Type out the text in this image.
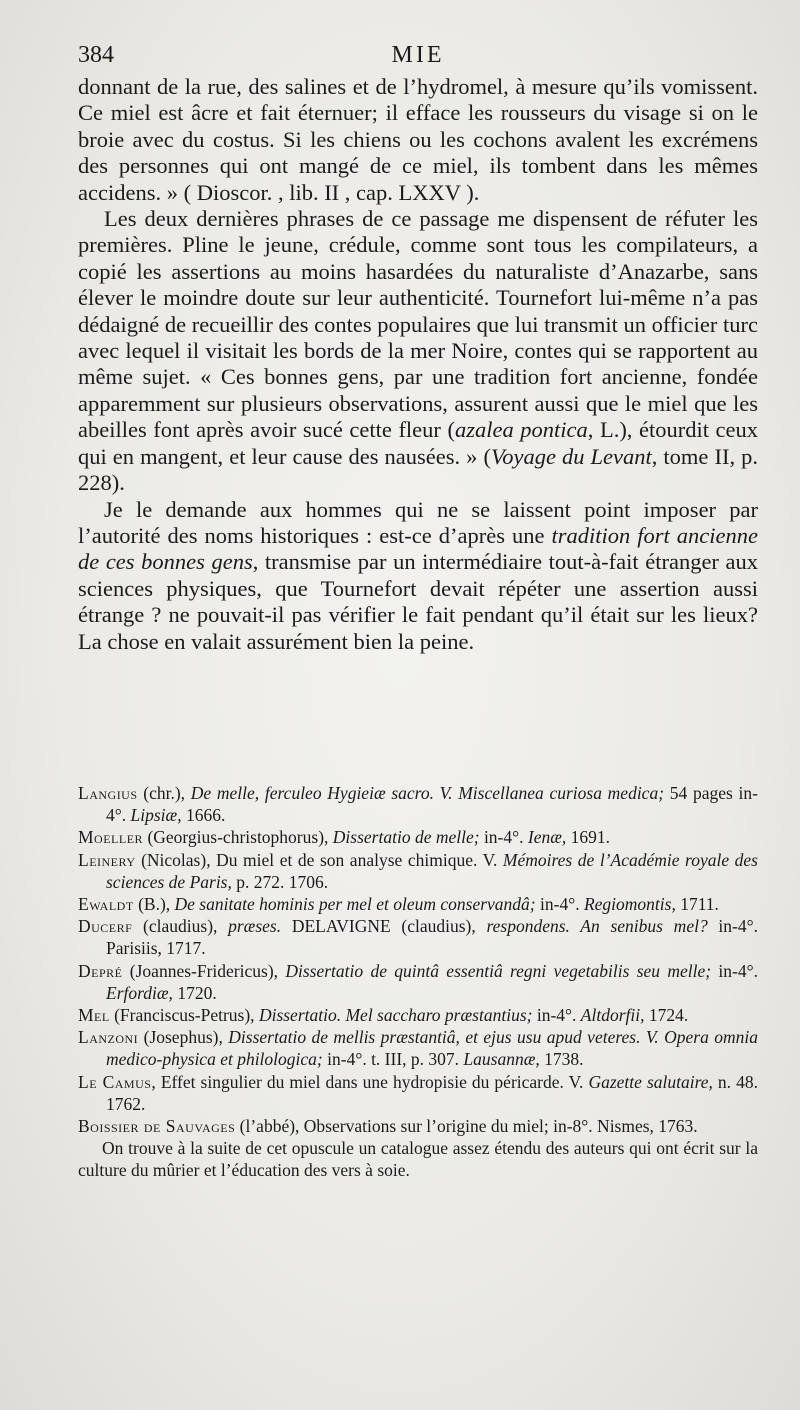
384	MIE

donnant de la rue, des salines et de l’hydromel, à mesure qu’ils vomissent. Ce miel est âcre et fait éternuer; il efface les rousseurs du visage si on le broie avec du costus. Si les chiens ou les cochons avalent les excrémens des personnes qui ont mangé de ce miel, ils tombent dans les mêmes accidens. » ( Dioscor. , lib. II , cap. LXXV ).

Les deux dernières phrases de ce passage me dispensent de réfuter les premières. Pline le jeune, crédule, comme sont tous les compilateurs, a copié les assertions au moins hasardées du naturaliste d’Anazarbe, sans élever le moindre doute sur leur authenticité. Tournefort lui-même n’a pas dédaigné de recueillir des contes populaires que lui transmit un officier turc avec lequel il visitait les bords de la mer Noire, contes qui se rapportent au même sujet. « Ces bonnes gens, par une tradition fort ancienne, fondée apparemment sur plusieurs observations, assurent aussi que le miel que les abeilles font après avoir sucé cette fleur (azalea pontica, L.), étourdit ceux qui en mangent, et leur cause des nausées. » (Voyage du Levant, tome II, p. 228).

Je le demande aux hommes qui ne se laissent point imposer par l’autorité des noms historiques : est-ce d’après une tradition fort ancienne de ces bonnes gens, transmise par un intermédiaire tout-à-fait étranger aux sciences physiques, que Tournefort devait répéter une assertion aussi étrange ? ne pouvait-il pas vérifier le fait pendant qu’il était sur les lieux? La chose en valait assurément bien la peine.

Langius (chr.), De melle, ferculeo Hygieiæ sacro. V. Miscellanea curiosa medica; 54 pages in-4°. Lipsiæ, 1666.

Moeller (Georgius-christophorus), Dissertatio de melle; in-4°. Ienæ, 1691.

Leinery (Nicolas), Du miel et de son analyse chimique. V. Mémoires de l’Académie royale des sciences de Paris, p. 272. 1706.

Ewaldt (B.), De sanitate hominis per mel et oleum conservandâ; in-4°. Regiomontis, 1711.

Ducerf (claudius), præses. DELAVIGNE (claudius), respondens. An senibus mel? in-4°. Parisiis, 1717.

Depré (Joannes-Fridericus), Dissertatio de quintâ essentiâ regni vegetabilis seu melle; in-4°. Erfordiæ, 1720.

Mel (Franciscus-Petrus), Dissertatio. Mel saccharo præstantius; in-4°. Altdorfii, 1724.

Lanzoni (Josephus), Dissertatio de mellis præstantiâ, et ejus usu apud veteres. V. Opera omnia medico-physica et philologica; in-4°. t. III, p. 307. Lausannæ, 1738.

Le Camus, Effet singulier du miel dans une hydropisie du péricarde. V. Gazette salutaire, n. 48. 1762.

Boissier de Sauvages (l’abbé), Observations sur l’origine du miel; in-8°. Nismes, 1763.

On trouve à la suite de cet opuscule un catalogue assez étendu des auteurs qui ont écrit sur la culture du mûrier et l’éducation des vers à soie.
